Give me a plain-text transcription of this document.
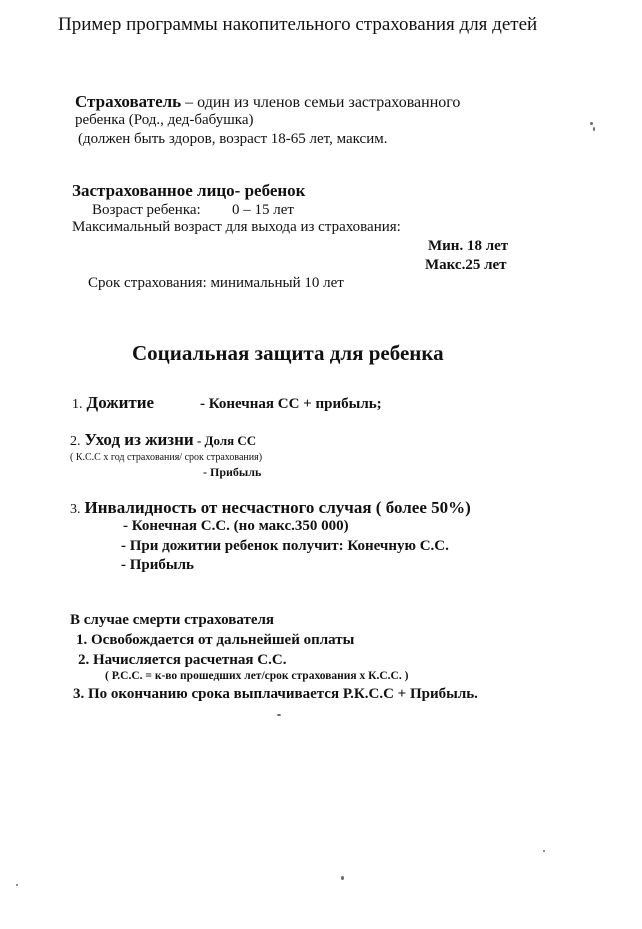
Пример программы накопительного страхования для детей
Страхователь – один из членов семьи застрахованного
ребенка (Род., дед-бабушка)
(должен быть здоров, возраст 18-65 лет, максим.
Застрахованное лицо- ребенок
Возраст ребенка: 0 – 15 лет
Максимальный возраст для выхода из страхования:
Мин. 18 лет
Макс.25 лет
Срок страхования: минимальный 10 лет
Социальная защита для ребенка
1. Дожитие	- Конечная СС + прибыль;
2. Уход из жизни - Доля СС
( К.С.С х год страхования/ срок страхования)
- Прибыль
3. Инвалидность от несчастного случая ( более 50%)
- Конечная С.С. (но макс.350 000)
- При дожитии ребенок получит: Конечную С.С.
- Прибыль
В случае смерти страхователя
1. Освобождается от дальнейшей оплаты
2. Начисляется расчетная С.С.
( Р.С.С. = к-во прошедших лет/срок страхования х К.С.С. )
3. По окончанию срока выплачивается Р.К.С.С + Прибыль.
